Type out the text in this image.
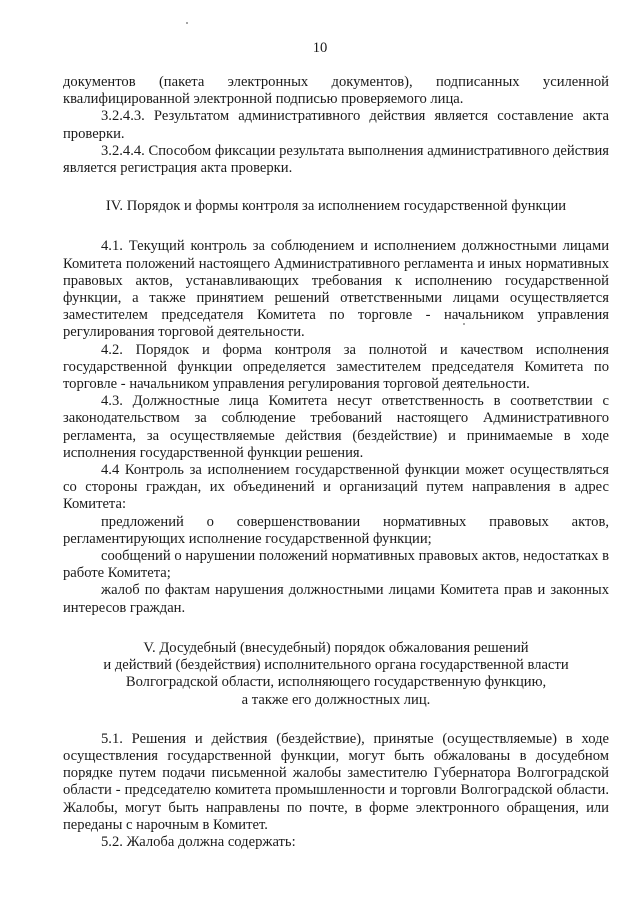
10

документов (пакета электронных документов), подписанных усиленной квалифицированной электронной подписью проверяемого лица.

3.2.4.3. Результатом административного действия является составление акта проверки.

3.2.4.4. Способом фиксации результата выполнения административного действия является регистрация акта проверки.

IV. Порядок и формы контроля за исполнением государственной функции

4.1. Текущий контроль за соблюдением и исполнением должностными лицами Комитета положений настоящего Административного регламента и иных нормативных правовых актов, устанавливающих требования к исполнению государственной функции, а также принятием решений ответственными лицами осуществляется заместителем председателя Комитета по торговле - начальником управления регулирования торговой деятельности.

4.2. Порядок и форма контроля за полнотой и качеством исполнения государственной функции определяется заместителем председателя Комитета по торговле - начальником управления регулирования торговой деятельности.

4.3. Должностные лица Комитета несут ответственность в соответствии с законодательством за соблюдение требований настоящего Административного регламента, за осуществляемые действия (бездействие) и принимаемые в ходе исполнения государственной функции решения.

4.4 Контроль за исполнением государственной функции может осуществляться со стороны граждан, их объединений и организаций путем направления в адрес Комитета:

предложений о совершенствовании нормативных правовых актов, регламентирующих исполнение государственной функции;

сообщений о нарушении положений нормативных правовых актов, недостатках в работе Комитета;

жалоб по фактам нарушения должностными лицами Комитета прав и законных интересов граждан.

V. Досудебный (внесудебный) порядок обжалования решений

и действий (бездействия) исполнительного органа государственной власти

Волгоградской области, исполняющего государственную функцию,

а также его должностных лиц.

5.1. Решения и действия (бездействие), принятые (осуществляемые) в ходе осуществления государственной функции, могут быть обжалованы в досудебном порядке путем подачи письменной жалобы заместителю Губернатора Волгоградской области - председателю комитета промышленности и торговли Волгоградской области. Жалобы, могут быть направлены по почте, в форме электронного обращения, или переданы с нарочным в Комитет.

5.2. Жалоба должна содержать:
